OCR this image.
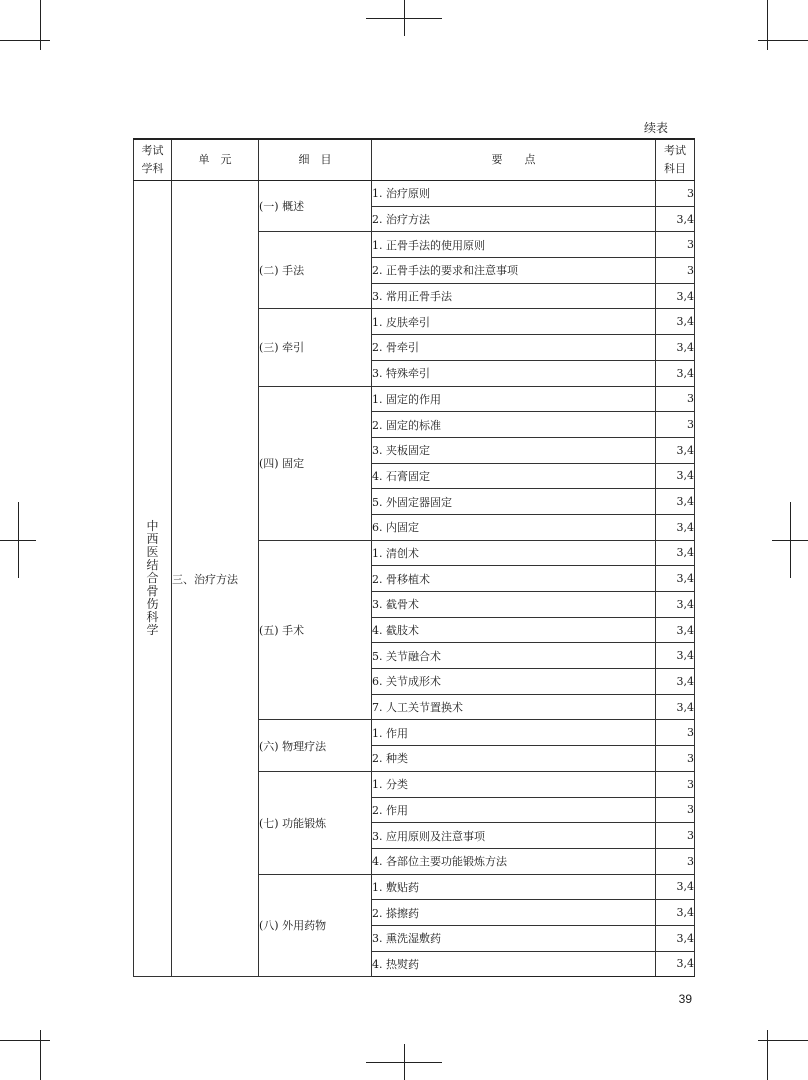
续表
考试学科	单　元	细　目	要　　点	考试科目
中西医结合骨伤科学	三、治疗方法	(一) 概述	1. 治疗原则	3
			2. 治疗方法	3,4
		(二) 手法	1. 正骨手法的使用原则	3
			2. 正骨手法的要求和注意事项	3
			3. 常用正骨手法	3,4
		(三) 牵引	1. 皮肤牵引	3,4
			2. 骨牵引	3,4
			3. 特殊牵引	3,4
		(四) 固定	1. 固定的作用	3
			2. 固定的标准	3
			3. 夹板固定	3,4
			4. 石膏固定	3,4
			5. 外固定器固定	3,4
			6. 内固定	3,4
		(五) 手术	1. 清创术	3,4
			2. 骨移植术	3,4
			3. 截骨术	3,4
			4. 截肢术	3,4
			5. 关节融合术	3,4
			6. 关节成形术	3,4
			7. 人工关节置换术	3,4
		(六) 物理疗法	1. 作用	3
			2. 种类	3
		(七) 功能锻炼	1. 分类	3
			2. 作用	3
			3. 应用原则及注意事项	3
			4. 各部位主要功能锻炼方法	3
		(八) 外用药物	1. 敷贴药	3,4
			2. 搽擦药	3,4
			3. 熏洗湿敷药	3,4
			4. 热熨药	3,4
39
